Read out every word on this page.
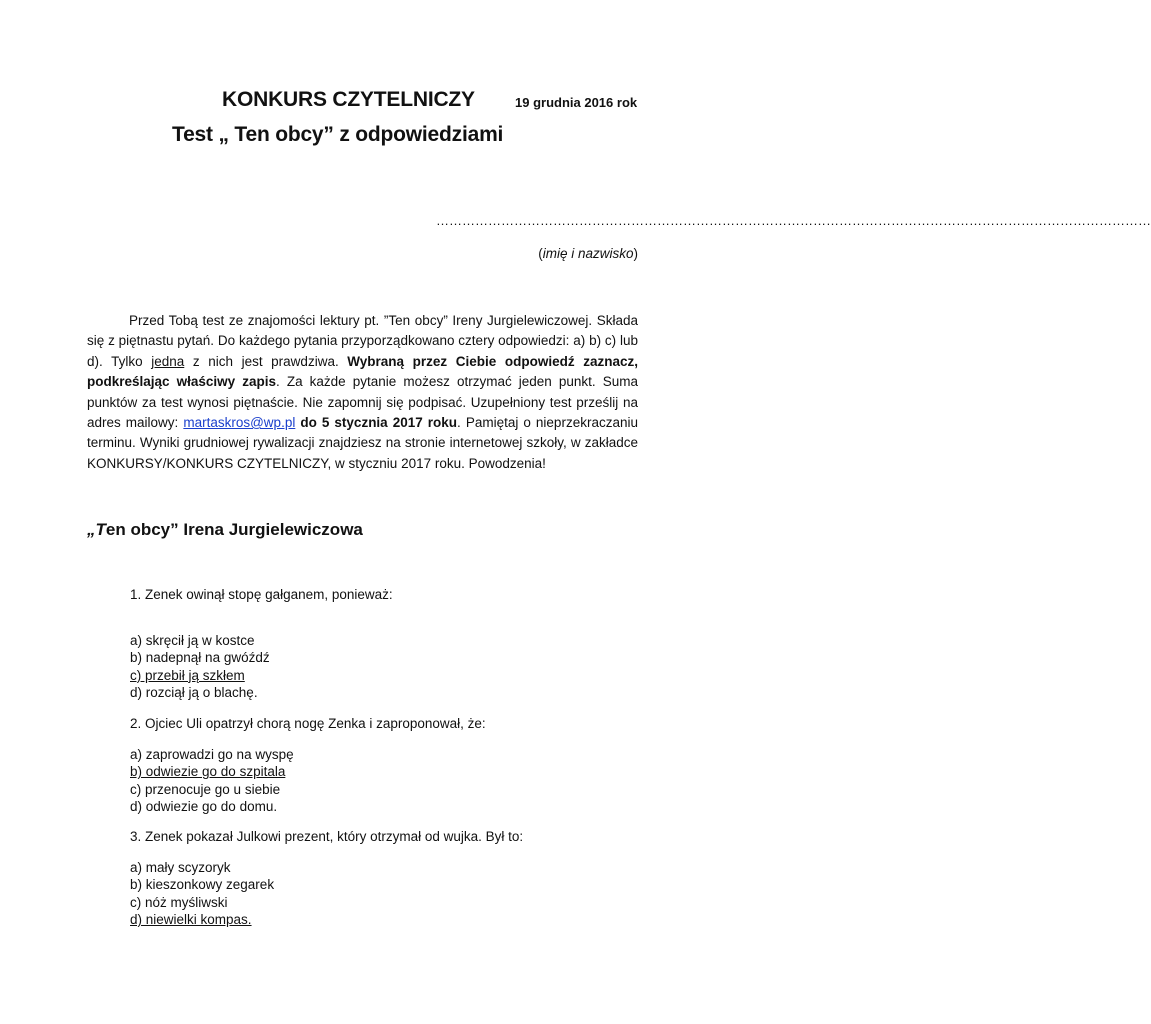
KONKURS CZYTELNICZY	19 grudnia 2016 rok
Test „ Ten obcy” z odpowiedziami
…………………………………………………………………………………………………………………………………………………
(imię i nazwisko)

Przed Tobą test ze znajomości lektury pt. ”Ten obcy” Ireny Jurgielewiczowej. Składa się z piętnastu pytań. Do każdego pytania przyporządkowano cztery odpowiedzi: a) b) c) lub d). Tylko jedna z nich jest prawdziwa. Wybraną przez Ciebie odpowiedź zaznacz, podkreślając właściwy zapis. Za każde pytanie możesz otrzymać jeden punkt. Suma punktów za test wynosi piętnaście. Nie zapomnij się podpisać. Uzupełniony test prześlij na adres mailowy: martaskros@wp.pl do 5 stycznia 2017 roku. Pamiętaj o nieprzekraczaniu terminu. Wyniki grudniowej rywalizacji znajdziesz na stronie internetowej szkoły, w zakładce KONKURSY/KONKURS CZYTELNICZY, w styczniu 2017 roku. Powodzenia!

„Ten obcy” Irena Jurgielewiczowa
1. Zenek owinął stopę gałganem, ponieważ:
a) skręcił ją w kostce
b) nadepnął na gwóźdź
c) przebił ją szkłem
d) rozciął ją o blachę.
2. Ojciec Uli opatrzył chorą nogę Zenka i zaproponował, że:
a) zaprowadzi go na wyspę
b) odwiezie go do szpitala
c) przenocuje go u siebie
d) odwiezie go do domu.
3. Zenek pokazał Julkowi prezent, który otrzymał od wujka. Był to:
a) mały scyzoryk
b) kieszonkowy zegarek
c) nóż myśliwski
d) niewielki kompas.
